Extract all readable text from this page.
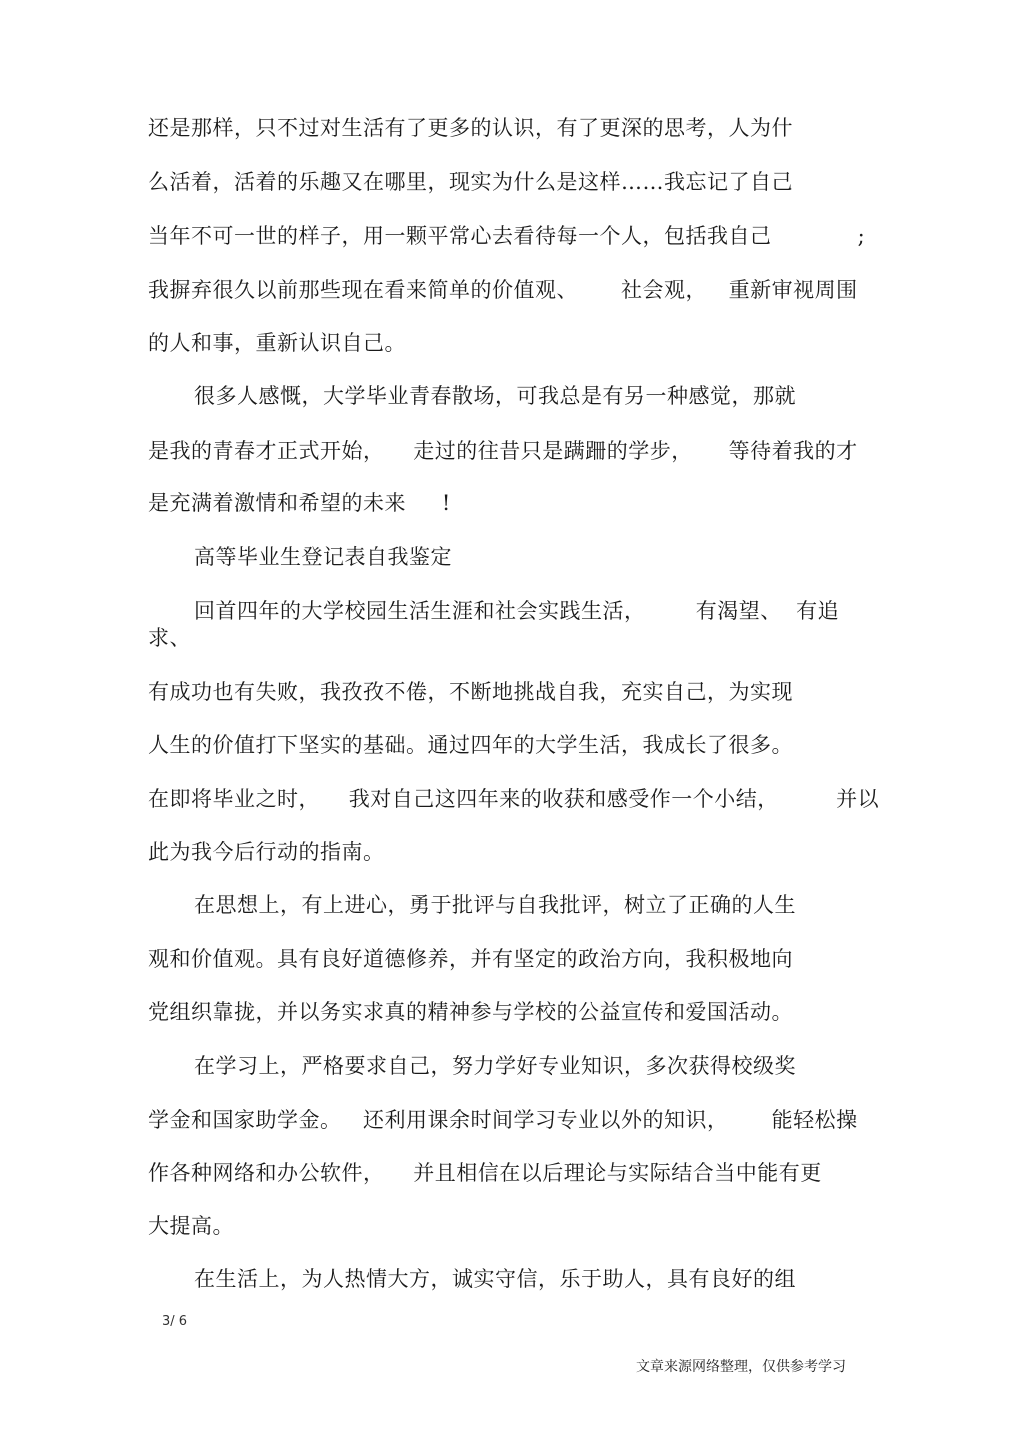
还是那样，只不过对生活有了更多的认识，有了更深的思考，人为什
么活着，活着的乐趣又在哪里，现实为什么是这样……我忘记了自己
当年不可一世的样子，用一颗平常心去看待每一个人，包括我自己            ;
我摒弃很久以前那些现在看来简单的价值观、      社会观，   重新审视周围
的人和事，重新认识自己。
很多人感慨，大学毕业青春散场，可我总是有另一种感觉，那就
是我的青春才正式开始，    走过的往昔只是蹒跚的学步，     等待着我的才
是充满着激情和希望的未来     !
高等毕业生登记表自我鉴定
回首四年的大学校园生活生涯和社会实践生活，       有渴望、  有追
求、
有成功也有失败，我孜孜不倦，不断地挑战自我，充实自己，为实现
人生的价值打下坚实的基础。通过四年的大学生活，我成长了很多。
在即将毕业之时，    我对自己这四年来的收获和感受作一个小结，        并以
此为我今后行动的指南。
在思想上，有上进心，勇于批评与自我批评，树立了正确的人生
观和价值观。具有良好道德修养，并有坚定的政治方向，我积极地向
党组织靠拢，并以务实求真的精神参与学校的公益宣传和爱国活动。
在学习上，严格要求自己，努力学好专业知识，多次获得校级奖
学金和国家助学金。   还利用课余时间学习专业以外的知识，      能轻松操
作各种网络和办公软件，    并且相信在以后理论与实际结合当中能有更
大提高。
在生活上，为人热情大方，诚实守信，乐于助人，具有良好的组
3/ 6
文章来源网络整理，仅供参考学习
